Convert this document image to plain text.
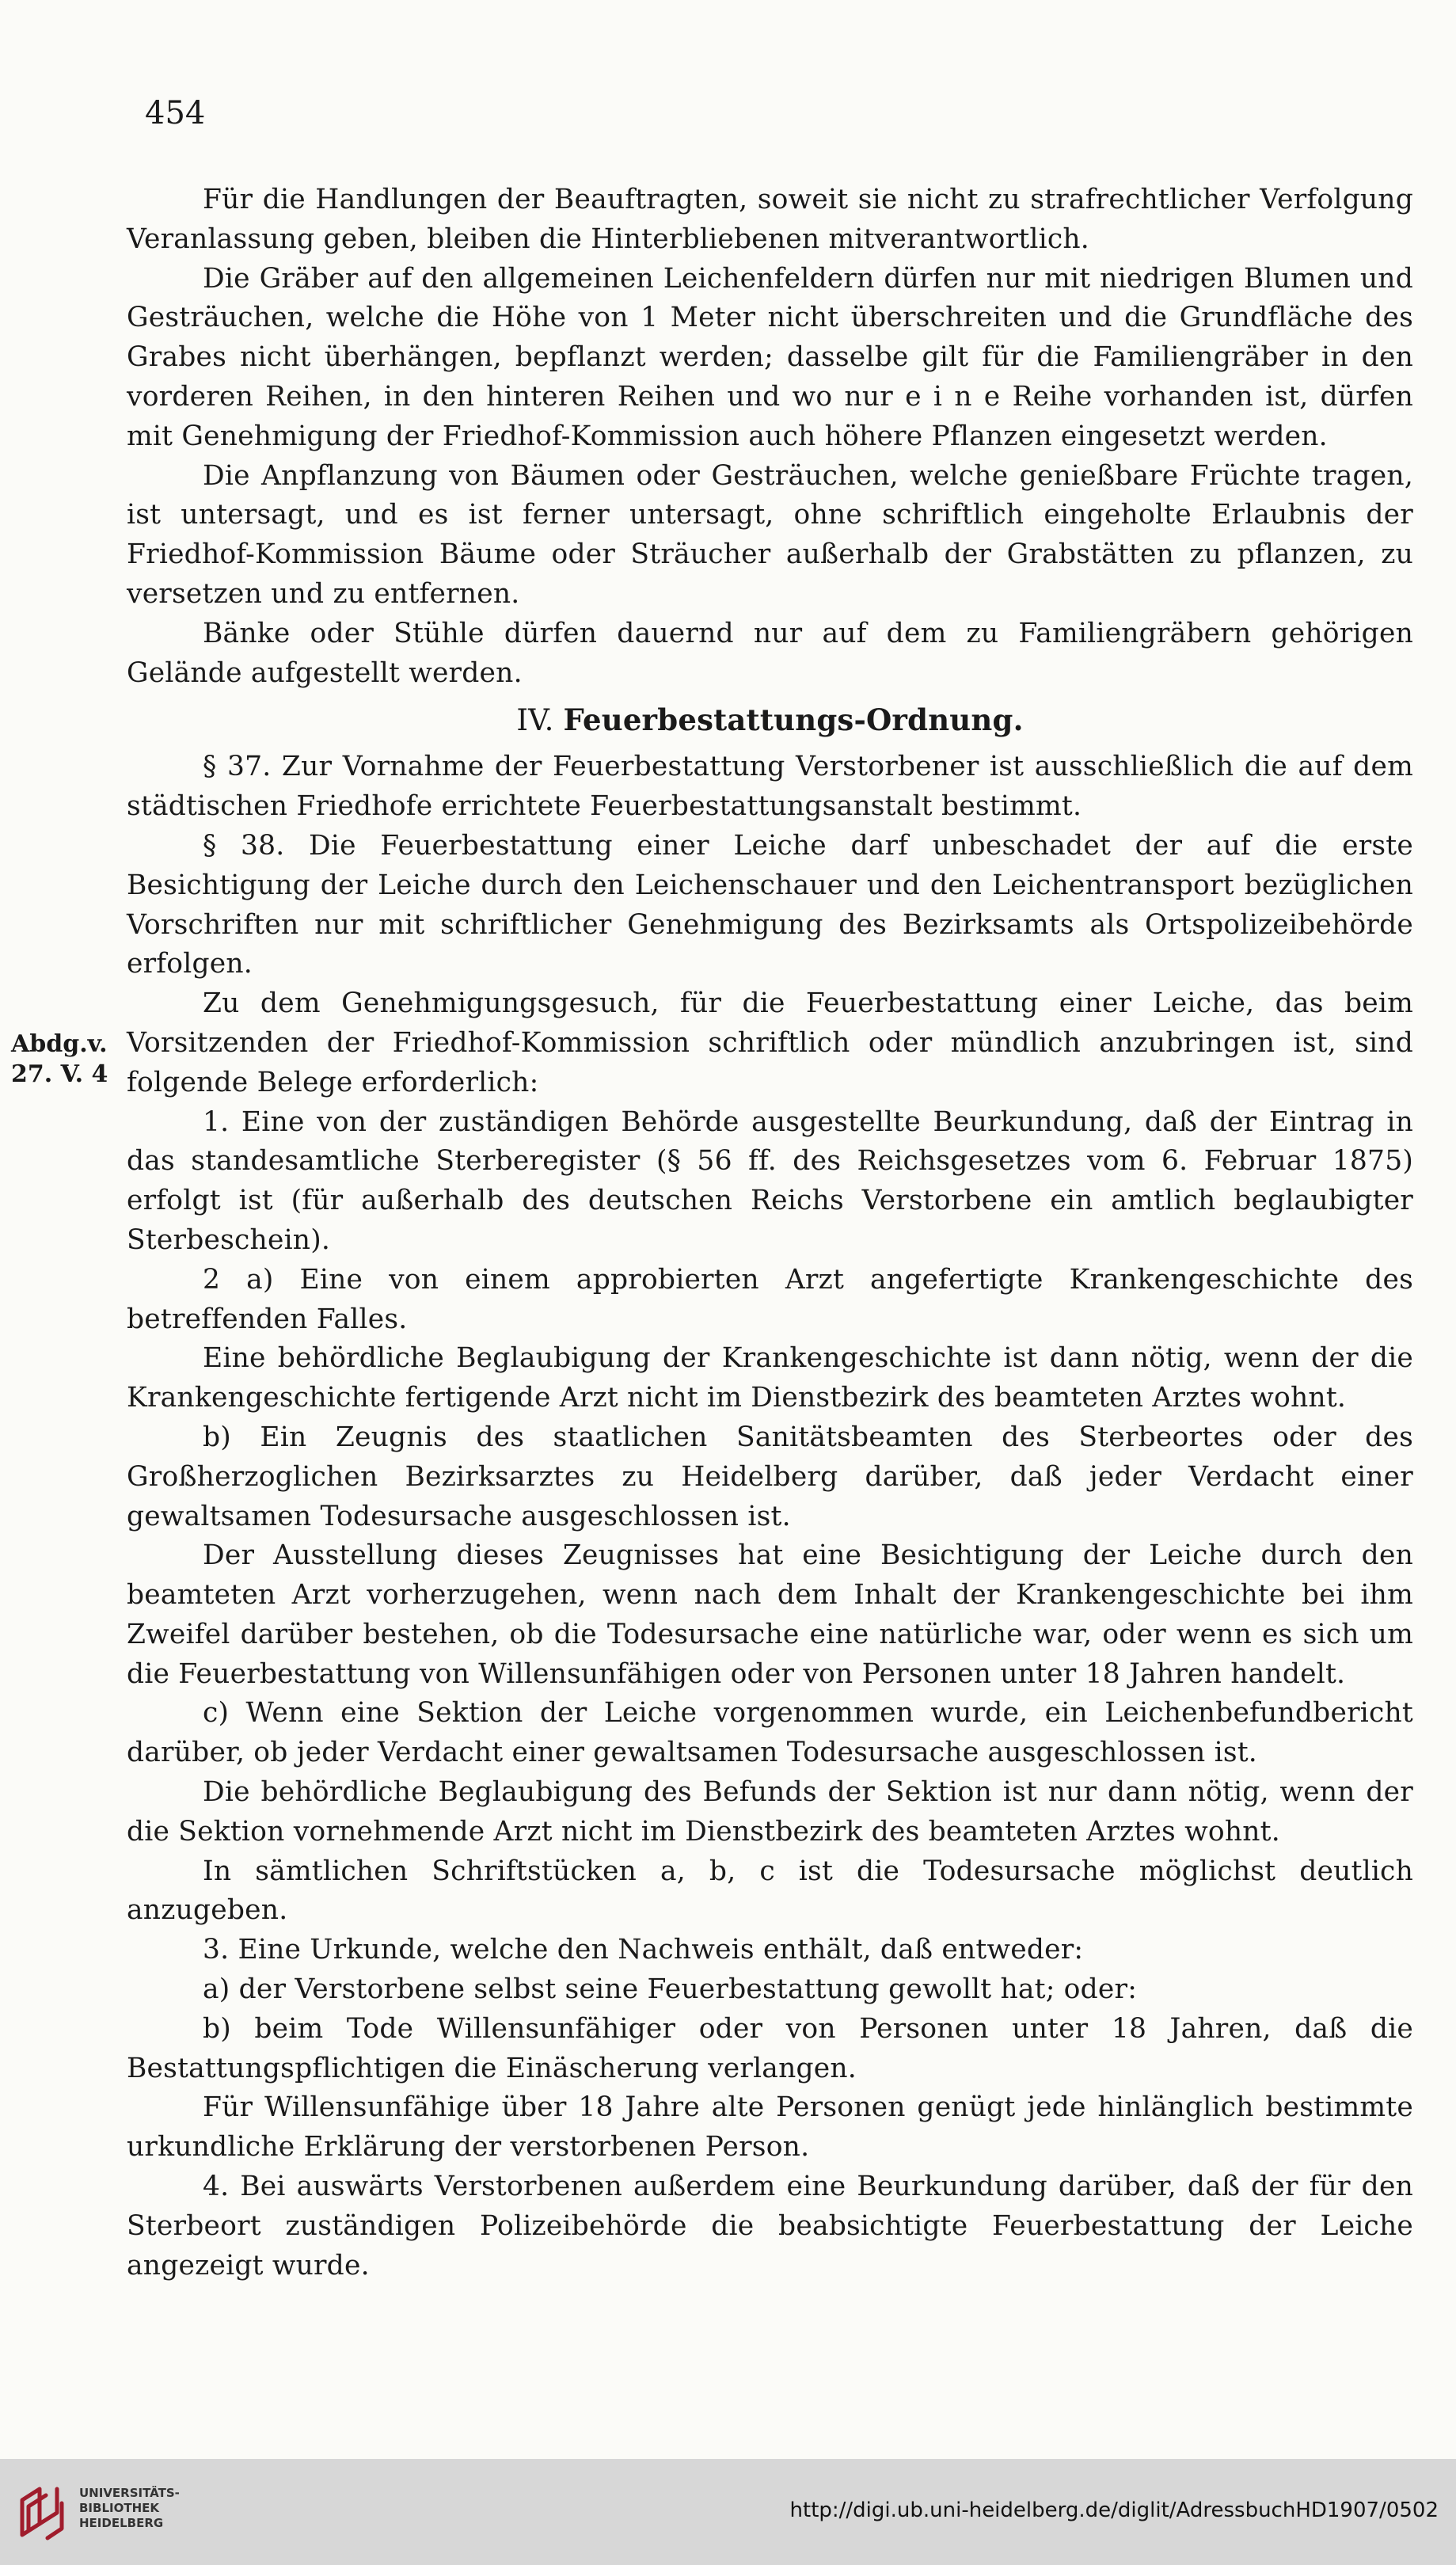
454
Abdg.v.
27. V. 4

Für die Handlungen der Beauftragten, soweit sie nicht zu strafrechtlicher Verfolgung Veranlassung geben, bleiben die Hinterbliebenen mitverantwortlich.

Die Gräber auf den allgemeinen Leichenfeldern dürfen nur mit niedrigen Blumen und Gesträuchen, welche die Höhe von 1 Meter nicht überschreiten und die Grundfläche des Grabes nicht überhängen, bepflanzt werden; dasselbe gilt für die Familiengräber in den vorderen Reihen, in den hinteren Reihen und wo nur e i n e Reihe vorhanden ist, dürfen mit Genehmigung der Friedhof-Kommission auch höhere Pflanzen eingesetzt werden.

Die Anpflanzung von Bäumen oder Gesträuchen, welche genießbare Früchte tragen, ist untersagt, und es ist ferner untersagt, ohne schriftlich eingeholte Erlaubnis der Friedhof-Kommission Bäume oder Sträucher außerhalb der Grabstätten zu pflanzen, zu versetzen und zu entfernen.

Bänke oder Stühle dürfen dauernd nur auf dem zu Familiengräbern gehörigen Gelände aufgestellt werden.

IV. Feuerbestattungs-Ordnung.

§ 37. Zur Vornahme der Feuerbestattung Verstorbener ist ausschließlich die auf dem städtischen Friedhofe errichtete Feuerbestattungsanstalt bestimmt.

§ 38. Die Feuerbestattung einer Leiche darf unbeschadet der auf die erste Besichtigung der Leiche durch den Leichenschauer und den Leichentransport bezüglichen Vorschriften nur mit schriftlicher Genehmigung des Bezirksamts als Ortspolizeibehörde erfolgen.

Zu dem Genehmigungsgesuch, für die Feuerbestattung einer Leiche, das beim Vorsitzenden der Friedhof-Kommission schriftlich oder mündlich anzubringen ist, sind folgende Belege erforderlich:

1. Eine von der zuständigen Behörde ausgestellte Beurkundung, daß der Eintrag in das standesamtliche Sterberegister (§ 56 ff. des Reichsgesetzes vom 6. Februar 1875) erfolgt ist (für außerhalb des deutschen Reichs Verstorbene ein amtlich beglaubigter Sterbeschein).

2 a) Eine von einem approbierten Arzt angefertigte Krankengeschichte des betreffenden Falles.

Eine behördliche Beglaubigung der Krankengeschichte ist dann nötig, wenn der die Krankengeschichte fertigende Arzt nicht im Dienstbezirk des beamteten Arztes wohnt.

b) Ein Zeugnis des staatlichen Sanitätsbeamten des Sterbeortes oder des Großherzoglichen Bezirksarztes zu Heidelberg darüber, daß jeder Verdacht einer gewaltsamen Todesursache ausgeschlossen ist.

Der Ausstellung dieses Zeugnisses hat eine Besichtigung der Leiche durch den beamteten Arzt vorherzugehen, wenn nach dem Inhalt der Krankengeschichte bei ihm Zweifel darüber bestehen, ob die Todesursache eine natürliche war, oder wenn es sich um die Feuerbestattung von Willensunfähigen oder von Personen unter 18 Jahren handelt.

c) Wenn eine Sektion der Leiche vorgenommen wurde, ein Leichenbefundbericht darüber, ob jeder Verdacht einer gewaltsamen Todesursache ausgeschlossen ist.

Die behördliche Beglaubigung des Befunds der Sektion ist nur dann nötig, wenn der die Sektion vornehmende Arzt nicht im Dienstbezirk des beamteten Arztes wohnt.

In sämtlichen Schriftstücken a, b, c ist die Todesursache möglichst deutlich anzugeben.

3. Eine Urkunde, welche den Nachweis enthält, daß entweder:

a) der Verstorbene selbst seine Feuerbestattung gewollt hat; oder:

b) beim Tode Willensunfähiger oder von Personen unter 18 Jahren, daß die Bestattungspflichtigen die Einäscherung verlangen.

Für Willensunfähige über 18 Jahre alte Personen genügt jede hinlänglich bestimmte urkundliche Erklärung der verstorbenen Person.

4. Bei auswärts Verstorbenen außerdem eine Beurkundung darüber, daß der für den Sterbeort zuständigen Polizeibehörde die beabsichtigte Feuerbestattung der Leiche angezeigt wurde.

UNIVERSITÄTS-
BIBLIOTHEK
HEIDELBERG
http://digi.ub.uni-heidelberg.de/diglit/AdressbuchHD1907/0502
